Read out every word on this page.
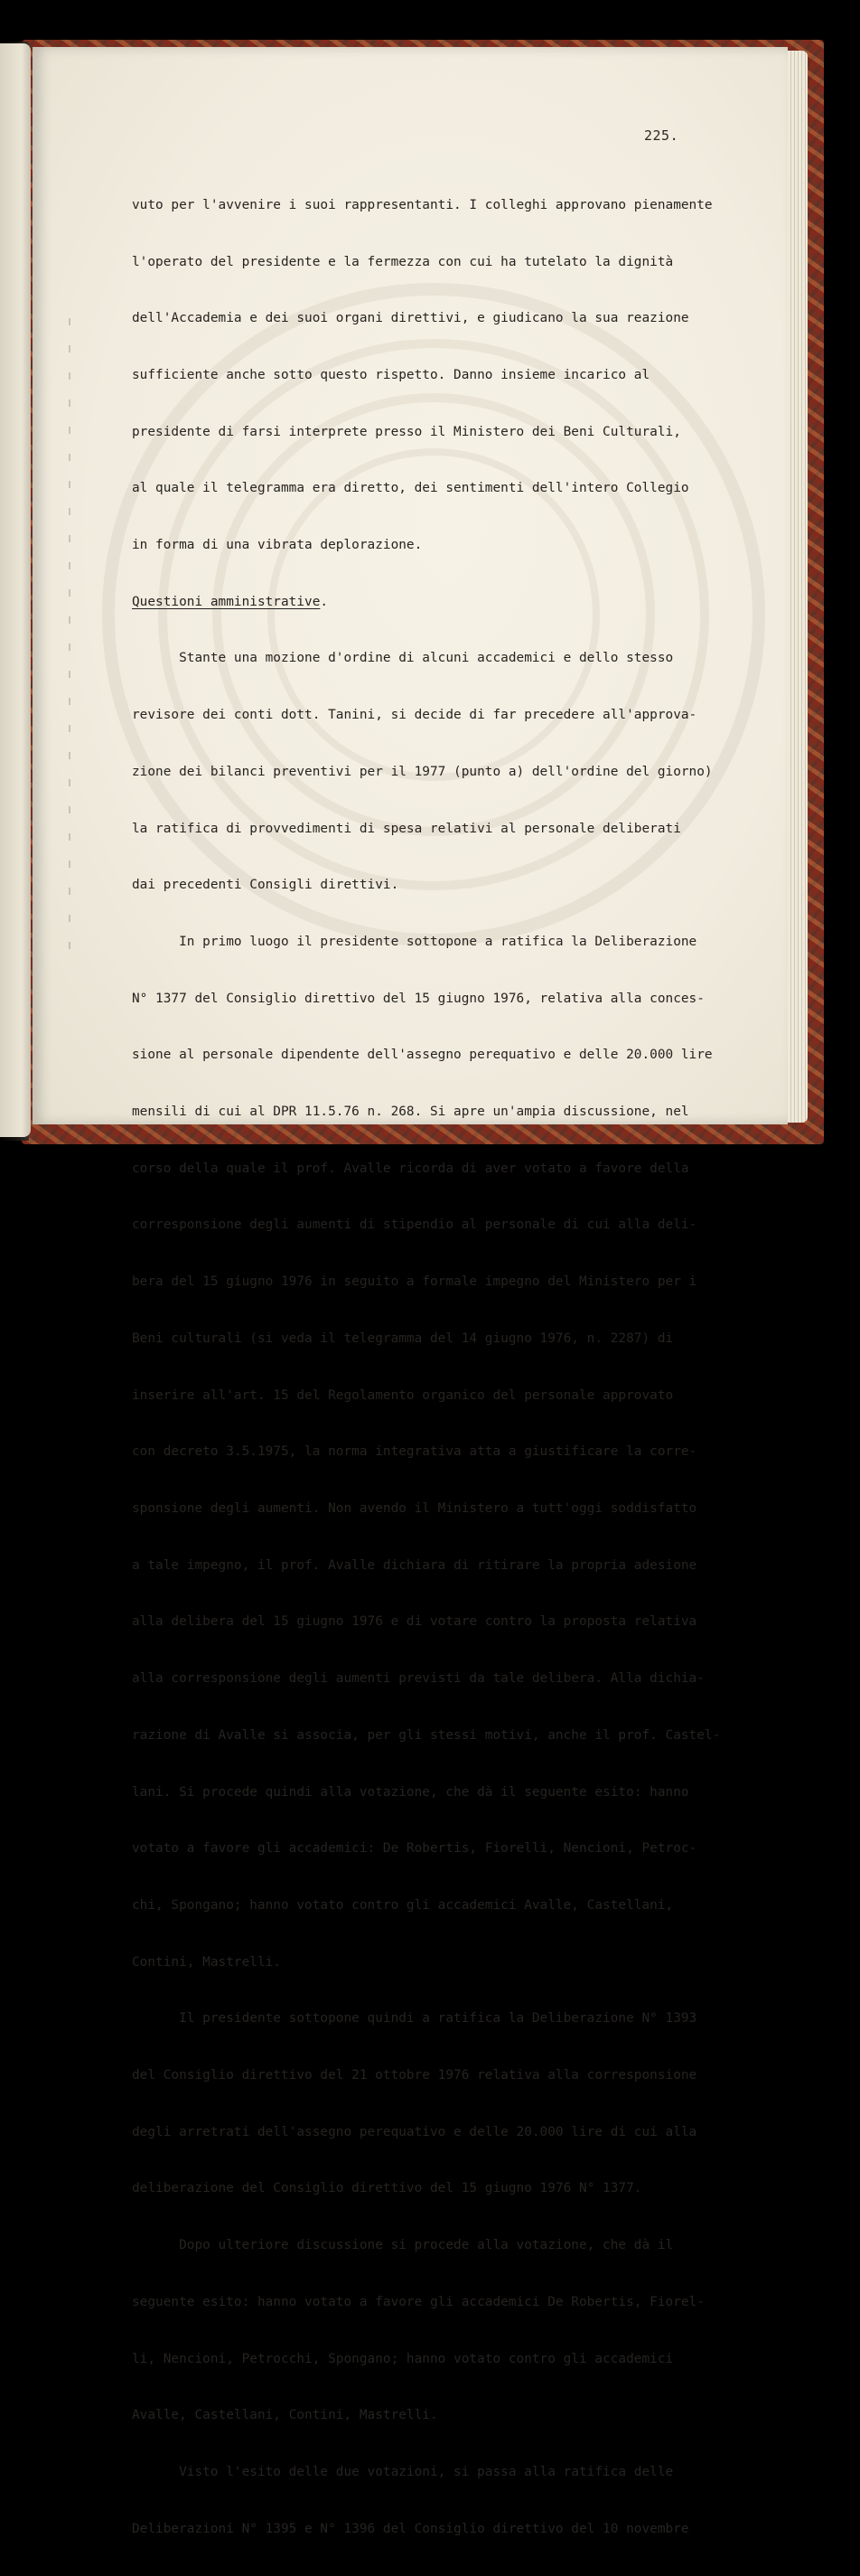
225.

vuto per l'avvenire i suoi rappresentanti. I colleghi approvano pienamente

l'operato del presidente e la fermezza con cui ha tutelato la dignità

dell'Accademia e dei suoi organi direttivi, e giudicano la sua reazione

sufficiente anche sotto questo rispetto. Danno insieme incarico al

presidente di farsi interprete presso il Ministero dei Beni Culturali,

al quale il telegramma era diretto, dei sentimenti dell'intero Collegio

in forma di una vibrata deplorazione.

Questioni amministrative.

Stante una mozione d'ordine di alcuni accademici e dello stesso

revisore dei conti dott. Tanini, si decide di far precedere all'approva-

zione dei bilanci preventivi per il 1977 (punto a) dell'ordine del giorno)

la ratifica di provvedimenti di spesa relativi al personale deliberati

dai precedenti Consigli direttivi.

In primo luogo il presidente sottopone a ratifica la Deliberazione

N° 1377 del Consiglio direttivo del 15 giugno 1976, relativa alla conces-

sione al personale dipendente dell'assegno perequativo e delle 20.000 lire

mensili di cui al DPR 11.5.76 n. 268. Si apre un'ampia discussione, nel

corso della quale il prof. Avalle ricorda di aver votato a favore della

corresponsione degli aumenti di stipendio al personale di cui alla deli-

bera del 15 giugno 1976 in seguito a formale impegno del Ministero per i

Beni culturali (si veda il telegramma del 14 giugno 1976, n. 2287) di

inserire all'art. 15 del Regolamento organico del personale approvato

con decreto 3.5.1975, la norma integrativa atta a giustificare la corre-

sponsione degli aumenti. Non avendo il Ministero a tutt'oggi soddisfatto

a tale impegno, il prof. Avalle dichiara di ritirare la propria adesione

alla delibera del 15 giugno 1976 e di votare contro la proposta relativa

alla corresponsione degli aumenti previsti da tale delibera. Alla dichia-

razione di Avalle si associa, per gli stessi motivi, anche il prof. Castel-

lani. Si procede quindi alla votazione, che dà il seguente esito: hanno

votato a favore gli accademici: De Robertis, Fiorelli, Nencioni, Petroc-

chi, Spongano; hanno votato contro gli accademici Avalle, Castellani,

Contini, Mastrelli.

Il presidente sottopone quindi a ratifica la Deliberazione N° 1393

del Consiglio direttivo del 21 ottobre 1976 relativa alla corresponsione

degli arretrati dell'assegno perequativo e delle 20.000 lire di cui alla

deliberazione del Consiglio direttivo del 15 giugno 1976 N° 1377.

Dopo ulteriore discussione si procede alla votazione, che dà il

seguente esito: hanno votato a favore gli accademici De Robertis, Fiorel-

li, Nencioni, Petrocchi, Spongano; hanno votato contro gli accademici

Avalle, Castellani, Contini, Mastrelli.

Visto l'esito delle due votazioni, si passa alla ratifica delle

Deliberazioni N° 1395 e N° 1396 del Consiglio direttivo del 10 novembre
